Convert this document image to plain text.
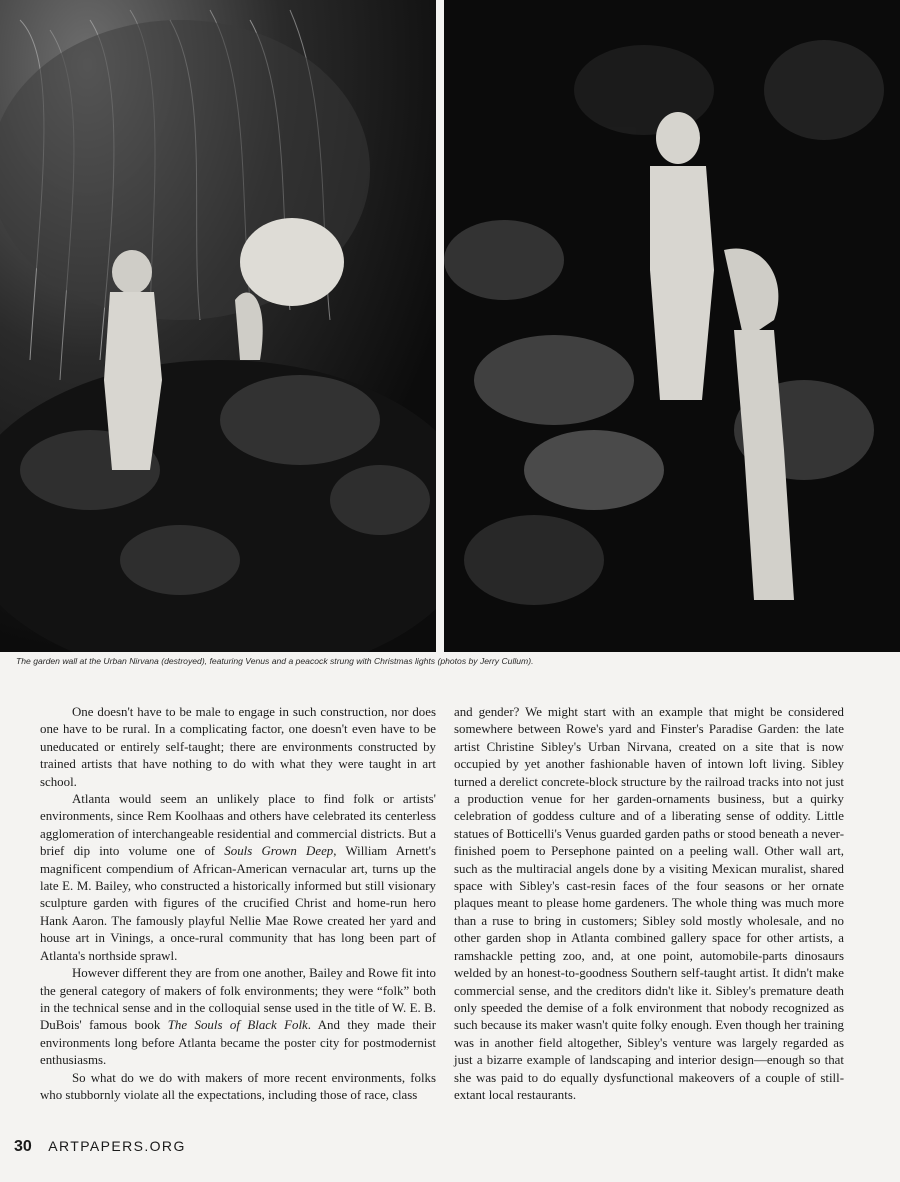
The garden wall at the Urban Nirvana (destroyed), featuring Venus and a peacock strung with Christmas lights (photos by Jerry Cullum).

One doesn't have to be male to engage in such construction, nor does one have to be rural. In a complicating factor, one doesn't even have to be uneducated or entirely self-taught; there are environments constructed by trained artists that have nothing to do with what they were taught in art school.

Atlanta would seem an unlikely place to find folk or artists' environments, since Rem Koolhaas and others have celebrated its centerless agglomeration of interchangeable residential and commercial districts. But a brief dip into volume one of Souls Grown Deep, William Arnett's magnificent compendium of African-American vernacular art, turns up the late E. M. Bailey, who constructed a historically informed but still visionary sculpture garden with figures of the crucified Christ and home-run hero Hank Aaron. The famously playful Nellie Mae Rowe created her yard and house art in Vinings, a once-rural community that has long been part of Atlanta's northside sprawl.

However different they are from one another, Bailey and Rowe fit into the general category of makers of folk environments; they were “folk” both in the technical sense and in the colloquial sense used in the title of W. E. B. DuBois' famous book The Souls of Black Folk. And they made their environments long before Atlanta became the poster city for postmodernist enthusiasms.

So what do we do with makers of more recent environments, folks who stubbornly violate all the expectations, including those of race, class

and gender? We might start with an example that might be considered somewhere between Rowe's yard and Finster's Paradise Garden: the late artist Christine Sibley's Urban Nirvana, created on a site that is now occupied by yet another fashionable haven of intown loft living. Sibley turned a derelict concrete-block structure by the railroad tracks into not just a production venue for her garden-ornaments business, but a quirky celebration of goddess culture and of a liberating sense of oddity. Little statues of Botticelli's Venus guarded garden paths or stood beneath a never-finished poem to Persephone painted on a peeling wall. Other wall art, such as the multiracial angels done by a visiting Mexican muralist, shared space with Sibley's cast-resin faces of the four seasons or her ornate plaques meant to please home gardeners. The whole thing was much more than a ruse to bring in customers; Sibley sold mostly wholesale, and no other garden shop in Atlanta combined gallery space for other artists, a ramshackle petting zoo, and, at one point, automobile-parts dinosaurs welded by an honest-to-goodness Southern self-taught artist. It didn't make commercial sense, and the creditors didn't like it. Sibley's premature death only speeded the demise of a folk environment that nobody recognized as such because its maker wasn't quite folky enough. Even though her training was in another field altogether, Sibley's venture was largely regarded as just a bizarre example of landscaping and interior design—enough so that she was paid to do equally dysfunctional makeovers of a couple of still-extant local restaurants.

30 ARTPAPERS.ORG
